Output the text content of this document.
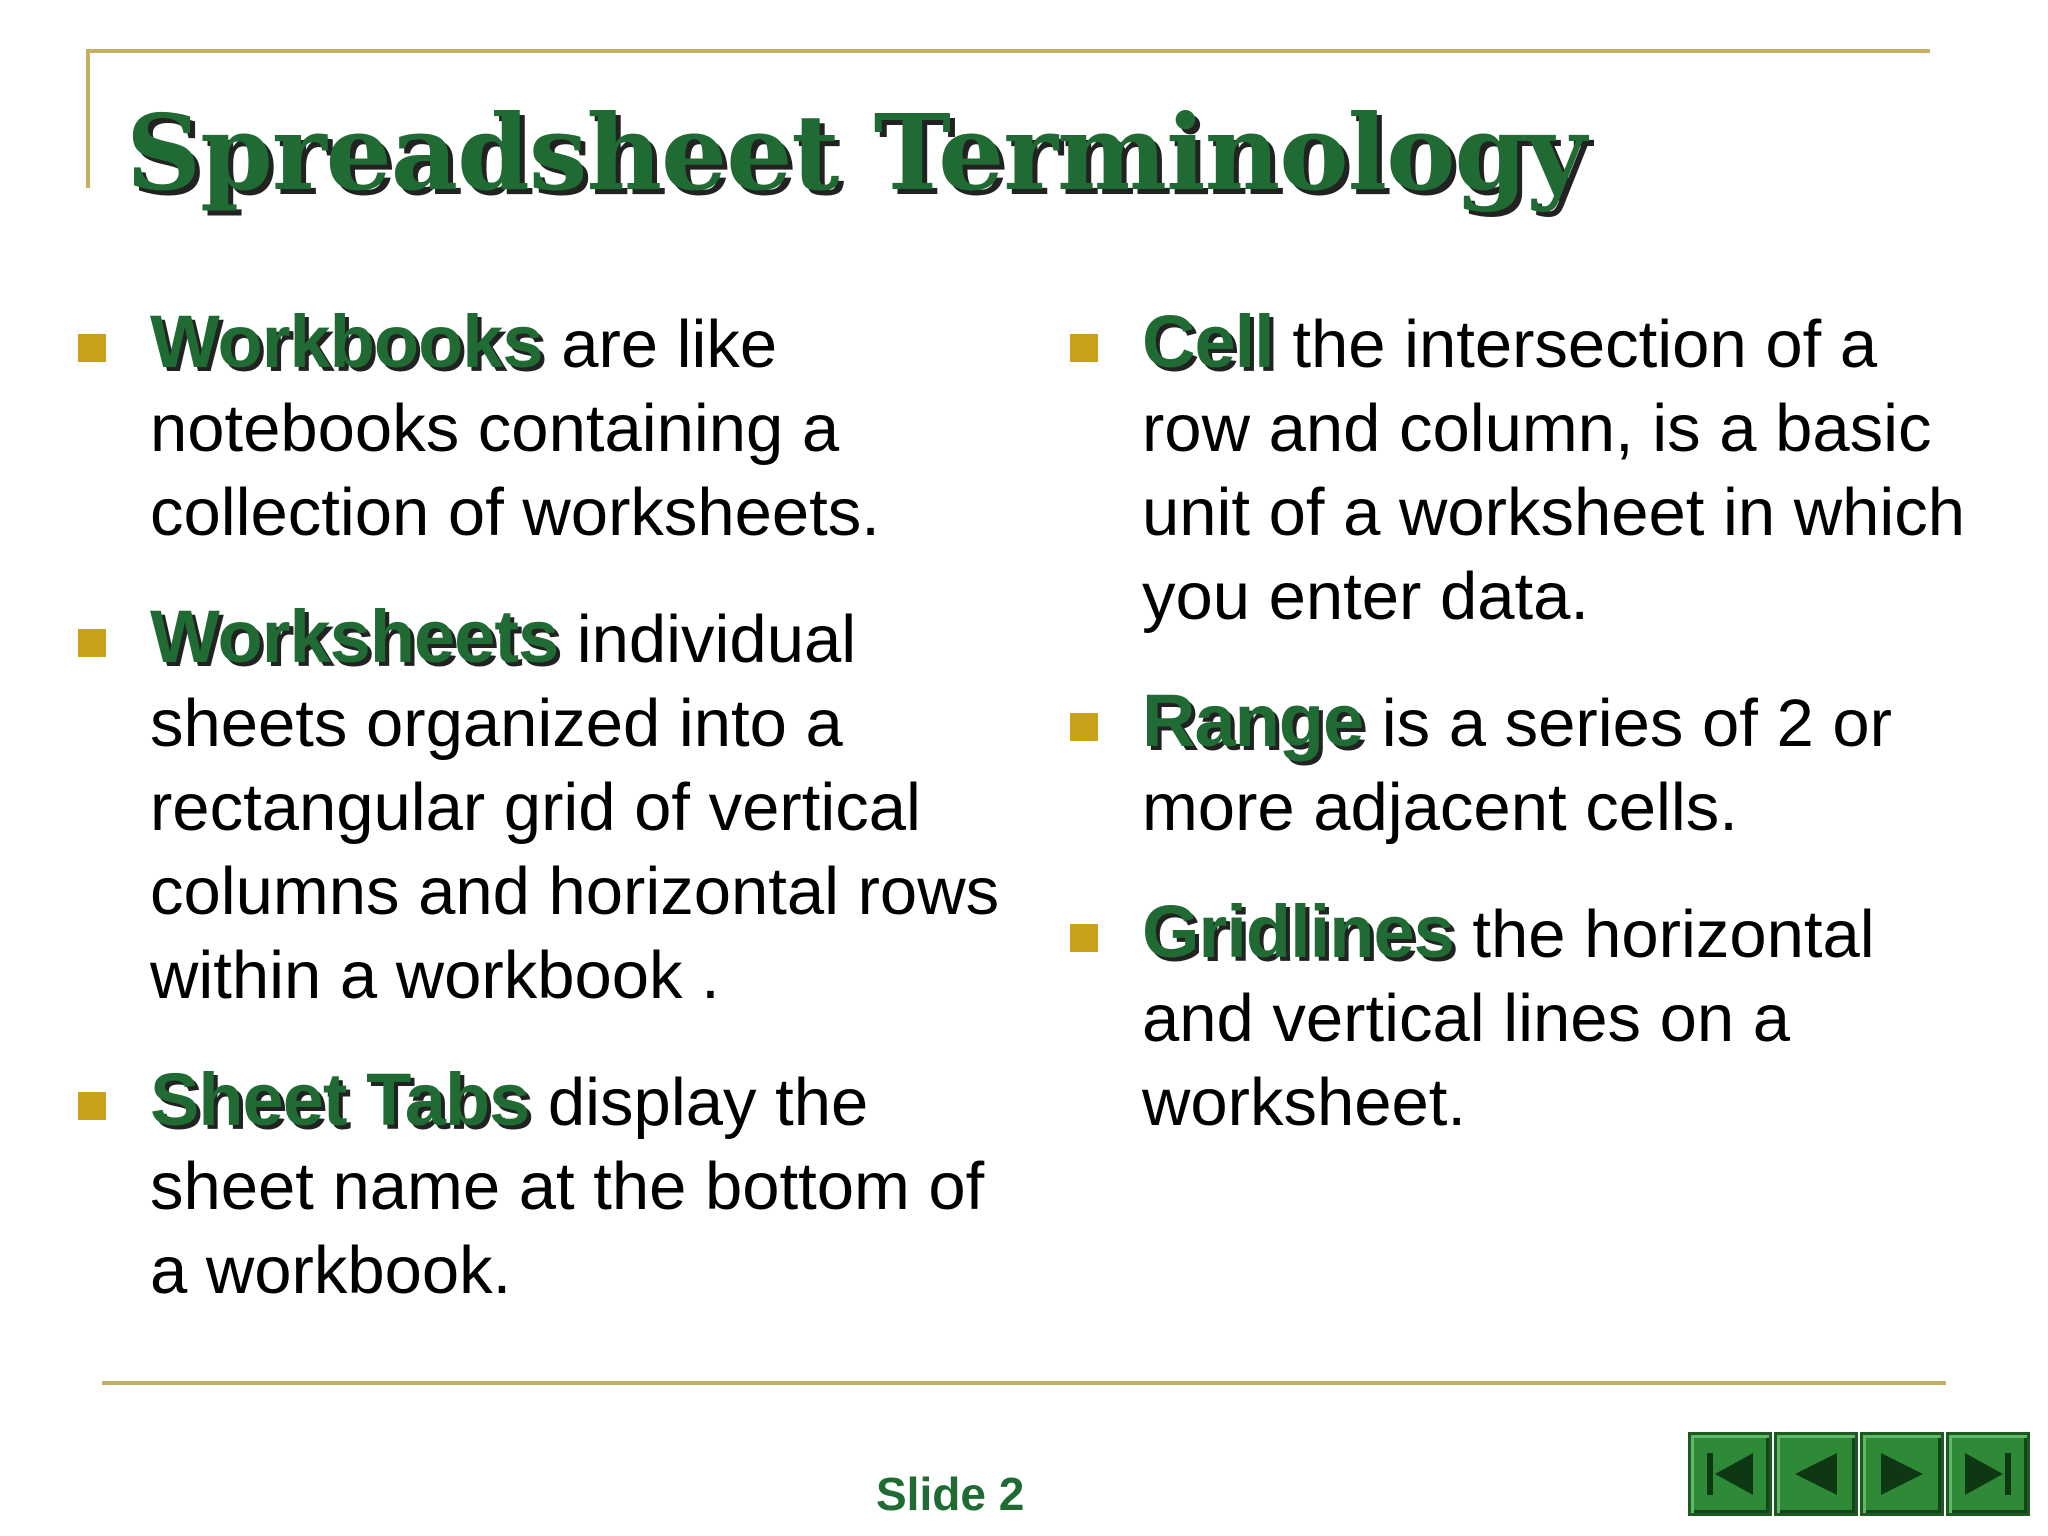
Spreadsheet Terminology
Workbooks are like notebooks containing a collection of worksheets.
Worksheets individual sheets organized into a rectangular grid of vertical columns and horizontal rows within a workbook .
Sheet Tabs display the sheet name at the bottom of a workbook.
Cell the intersection of a row and column, is a basic unit of a worksheet in which you enter data.
Range is a series of 2 or more adjacent cells.
Gridlines the horizontal and vertical lines on a worksheet.
Slide 2
